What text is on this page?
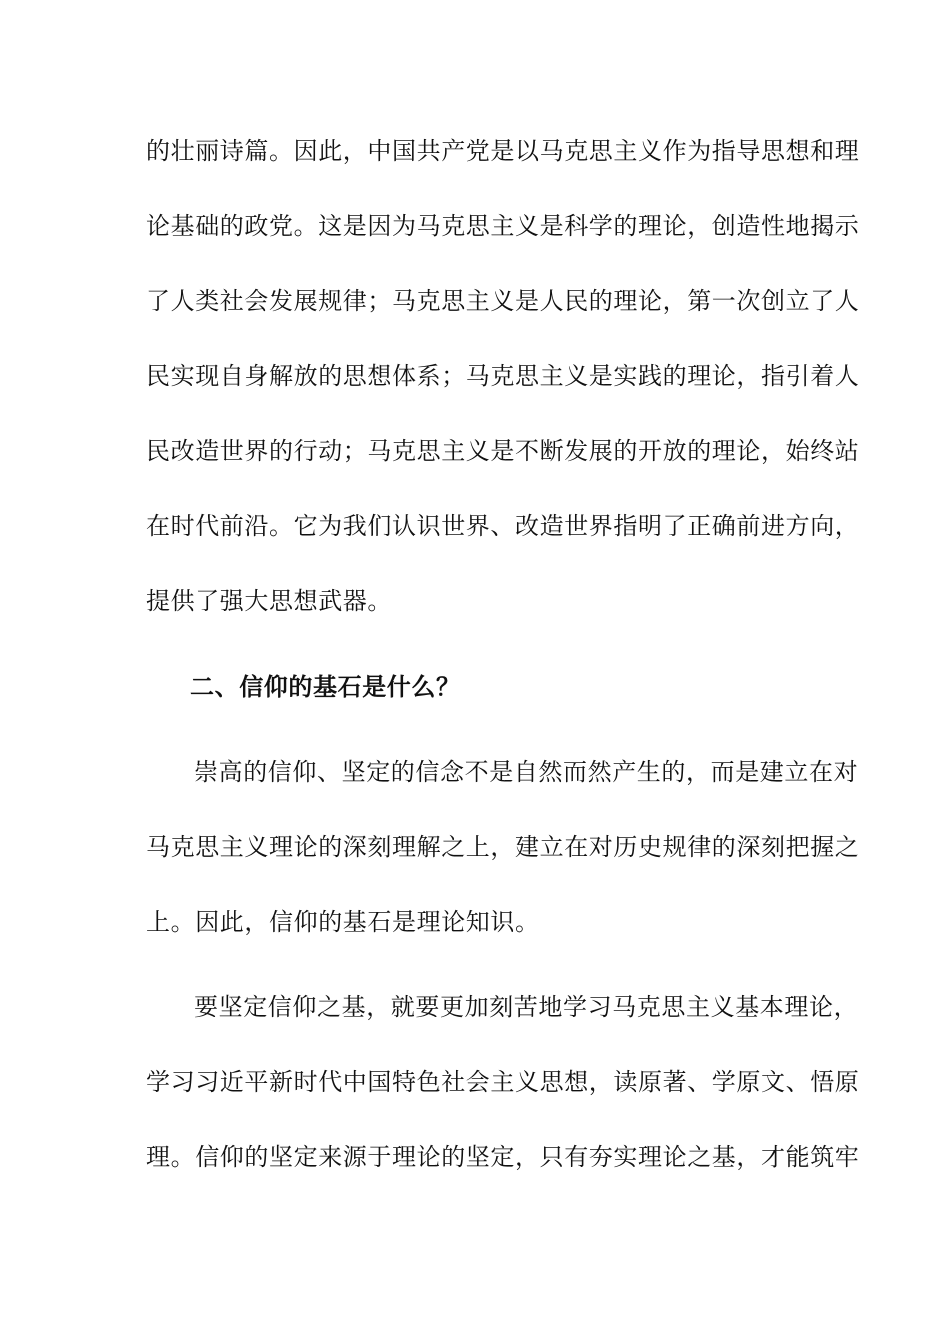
的壮丽诗篇。因此，中国共产党是以马克思主义作为指导思想和理
论基础的政党。这是因为马克思主义是科学的理论，创造性地揭示
了人类社会发展规律；马克思主义是人民的理论，第一次创立了人
民实现自身解放的思想体系；马克思主义是实践的理论，指引着人
民改造世界的行动；马克思主义是不断发展的开放的理论，始终站
在时代前沿。它为我们认识世界、改造世界指明了正确前进方向，
提供了强大思想武器。
二、信仰的基石是什么？
崇高的信仰、坚定的信念不是自然而然产生的，而是建立在对
马克思主义理论的深刻理解之上，建立在对历史规律的深刻把握之
上。因此，信仰的基石是理论知识。
要坚定信仰之基，就要更加刻苦地学习马克思主义基本理论，
学习习近平新时代中国特色社会主义思想，读原著、学原文、悟原
理。信仰的坚定来源于理论的坚定，只有夯实理论之基，才能筑牢
